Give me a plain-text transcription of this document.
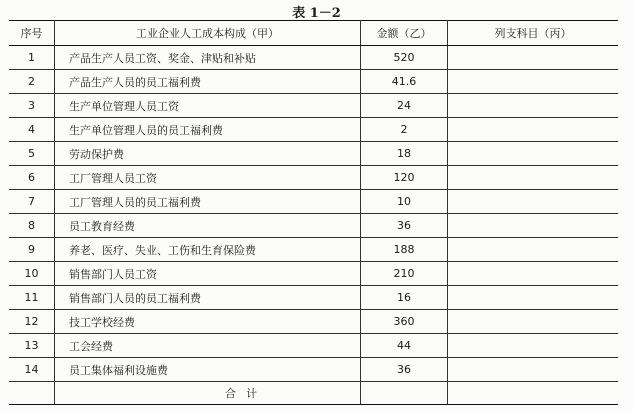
表 1－2
序号	工业企业人工成本构成（甲）	金额（乙）	列支科目（丙）
1	产品生产人员工资、奖金、津贴和补贴	520	
2	产品生产人员的员工福利费	41.6	
3	生产单位管理人员工资	24	
4	生产单位管理人员的员工福利费	2	
5	劳动保护费	18	
6	工厂管理人员工资	120	
7	工厂管理人员的员工福利费	10	
8	员工教育经费	36	
9	养老、医疗、失业、工伤和生育保险费	188	
10	销售部门人员工资	210	
11	销售部门人员的员工福利费	16	
12	技工学校经费	360	
13	工会经费	44	
14	员工集体福利设施费	36	
	合计		
